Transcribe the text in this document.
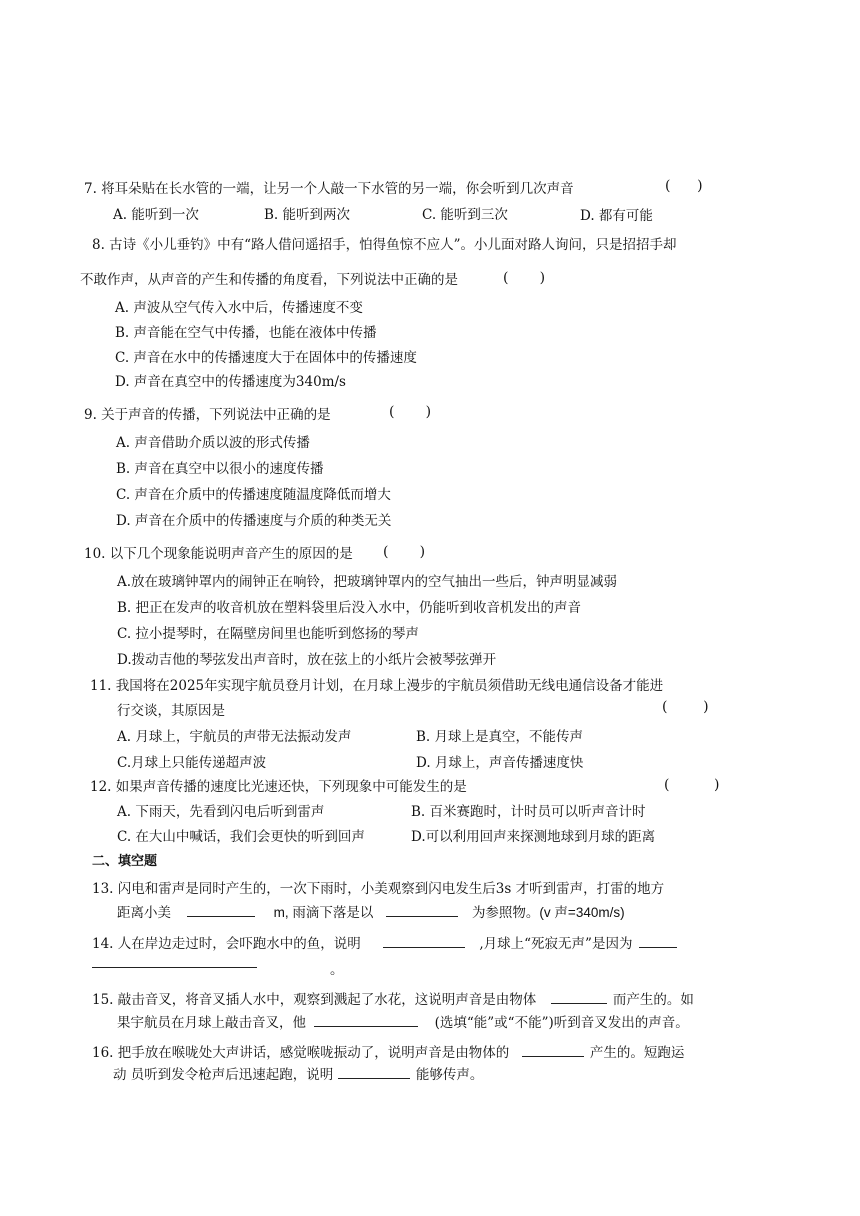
7. 将耳朵贴在长水管的一端，让另一个人敲一下水管的另一端，你会听到几次声音	(      )
A. 能听到一次	B. 能听到两次	C. 能听到三次	D. 都有可能
8. 古诗《小儿垂钓》中有“路人借问遥招手，怕得鱼惊不应人”。小儿面对路人询问，只是招招手却
不敢作声，从声音的产生和传播的角度看，下列说法中正确的是	(       )
A. 声波从空气传入水中后，传播速度不变
B. 声音能在空气中传播，也能在液体中传播
C. 声音在水中的传播速度大于在固体中的传播速度
D. 声音在真空中的传播速度为340m/s
9. 关于声音的传播，下列说法中正确的是	(       )
A. 声音借助介质以波的形式传播
B. 声音在真空中以很小的速度传播
C. 声音在介质中的传播速度随温度降低而增大
D. 声音在介质中的传播速度与介质的种类无关
10. 以下几个现象能说明声音产生的原因的是 (       )
A.放在玻璃钟罩内的闹钟正在响铃，把玻璃钟罩内的空气抽出一些后，钟声明显减弱
B. 把正在发声的收音机放在塑料袋里后没入水中，仍能听到收音机发出的声音
C. 拉小提琴时，在隔壁房间里也能听到悠扬的琴声
D.拨动吉他的琴弦发出声音时，放在弦上的小纸片会被琴弦弹开
11. 我国将在2025年实现宇航员登月计划，在月球上漫步的宇航员须借助无线电通信设备才能进
行交谈，其原因是	(        )
A. 月球上，宇航员的声带无法振动发声	B. 月球上是真空，不能传声
C.月球上只能传递超声波	D. 月球上，声音传播速度快
12. 如果声音传播的速度比光速还快，下列现象中可能发生的是	(          )
A. 下雨天，先看到闪电后听到雷声	B. 百米赛跑时，计时员可以听声音计时
C. 在大山中喊话，我们会更快的听到回声	D.可以利用回声来探测地球到月球的距离
二、填空题
13. 闪电和雷声是同时产生的，一次下雨时，小美观察到闪电发生后3s 才听到雷声，打雷的地方
距离小美	m, 雨滴下落是以	为参照物。(v 声=340m/s)
14. 人在岸边走过时，会吓跑水中的鱼，说明	,月球上“死寂无声”是因为
。
15. 敲击音叉，将音叉插人水中，观察到溅起了水花，这说明声音是由物体	而产生的。如
果宇航员在月球上敲击音叉，他	(选填“能”或“不能”)听到音叉发出的声音。
16. 把手放在喉咙处大声讲话，感觉喉咙振动了，说明声音是由物体的	产生的。短跑运
动 员听到发令枪声后迅速起跑，说明	能够传声。
